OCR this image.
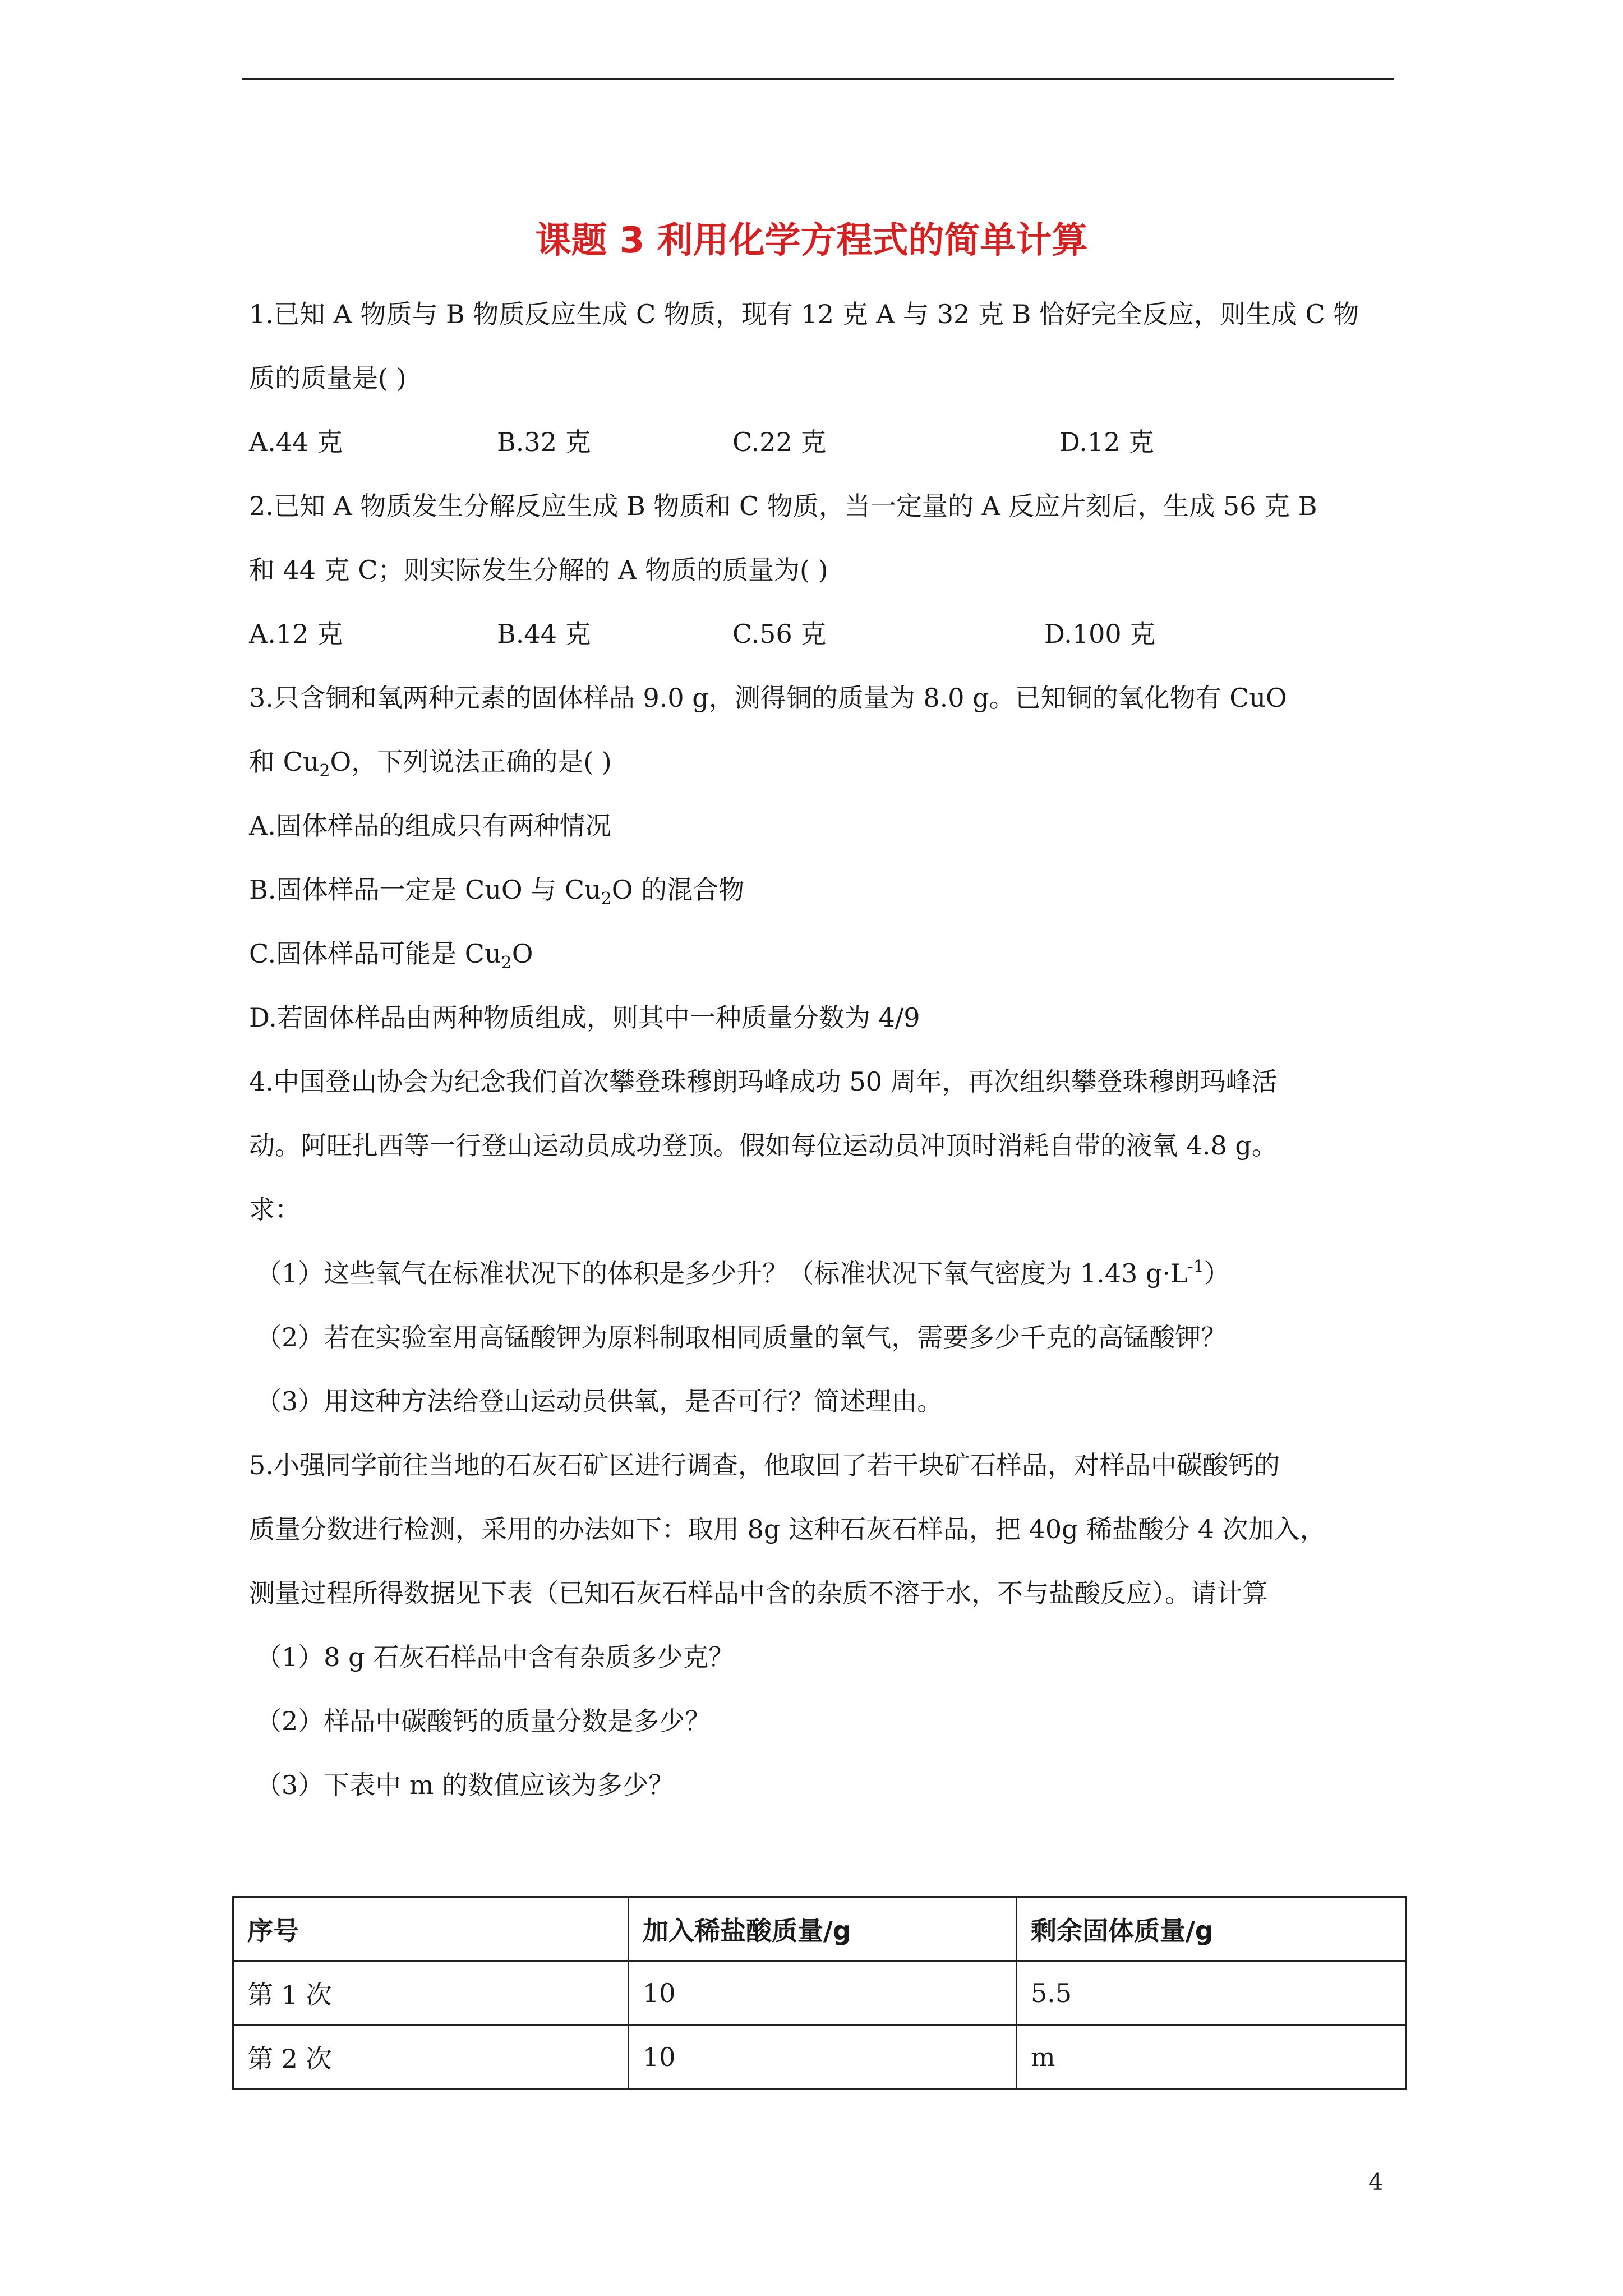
课题 3 利用化学方程式的简单计算
1.已知 A 物质与 B 物质反应生成 C 物质，现有 12 克 A 与 32 克 B 恰好完全反应，则生成 C 物
质的质量是( )
A.44 克	B.32 克	C.22 克	D.12 克
2.已知 A 物质发生分解反应生成 B 物质和 C 物质，当一定量的 A 反应片刻后，生成 56 克 B
和 44 克 C；则实际发生分解的 A 物质的质量为( )
A.12 克	B.44 克	C.56 克	D.100 克
3.只含铜和氧两种元素的固体样品 9.0 g，测得铜的质量为 8.0 g。已知铜的氧化物有 CuO
和 $Cu_2O$，下列说法正确的是( )
A.固体样品的组成只有两种情况
B.固体样品一定是 CuO 与 $Cu_2O$ 的混合物
C.固体样品可能是 $Cu_2O$
D.若固体样品由两种物质组成，则其中一种质量分数为 4/9
4.中国登山协会为纪念我们首次攀登珠穆朗玛峰成功 50 周年，再次组织攀登珠穆朗玛峰活
动。阿旺扎西等一行登山运动员成功登顶。假如每位运动员冲顶时消耗自带的液氧 4.8 g。
求：
（1）这些氧气在标准状况下的体积是多少升？（标准状况下氧气密度为 1.43 $g\cdot L^{-1}$）
（2）若在实验室用高锰酸钾为原料制取相同质量的氧气，需要多少千克的高锰酸钾？
（3）用这种方法给登山运动员供氧，是否可行？简述理由。
5.小强同学前往当地的石灰石矿区进行调查，他取回了若干块矿石样品，对样品中碳酸钙的
质量分数进行检测，采用的办法如下：取用 8g 这种石灰石样品，把 40g 稀盐酸分 4 次加入，
测量过程所得数据见下表（已知石灰石样品中含的杂质不溶于水，不与盐酸反应）。请计算
（1）8 g 石灰石样品中含有杂质多少克？
（2）样品中碳酸钙的质量分数是多少？
（3）下表中 m 的数值应该为多少？
序号	加入稀盐酸质量/g	剩余固体质量/g
第 1 次	10	5.5
第 2 次	10	m
4
